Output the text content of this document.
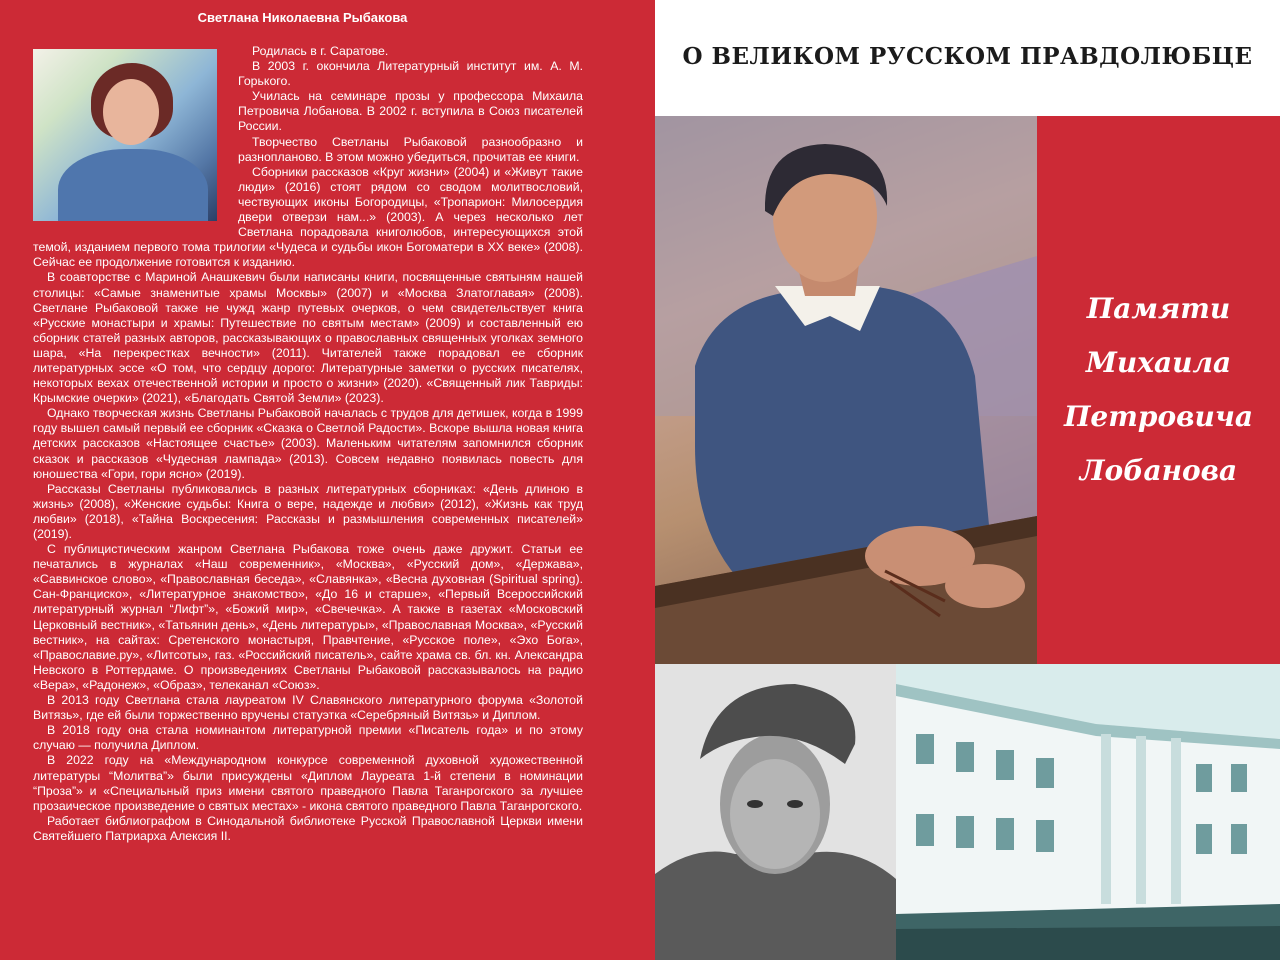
Светлана Николаевна Рыбакова

Родилась в г. Саратове.

В 2003 г. окончила Литературный институт им. А. М. Горького.

Училась на семинаре прозы у профессора Михаила Петровича Лобанова. В 2002 г. вступила в Союз писателей России.

Творчество Светланы Рыбаковой разнообразно и разнопланово. В этом можно убедиться, прочитав ее книги.

Сборники рассказов «Круг жизни» (2004) и «Живут такие люди» (2016) стоят рядом со сводом молитвословий, чествующих иконы Богородицы, «Тропарион: Милосердия двери отверзи нам...» (2003). А через несколько лет Светлана порадовала книголюбов, интересующихся этой темой, изданием первого тома трилогии «Чудеса и судьбы икон Богоматери в ХХ веке» (2008). Сейчас ее продолжение готовится к изданию.

В соавторстве с Мариной Анашкевич были написаны книги, посвященные святыням нашей столицы: «Самые знаменитые храмы Москвы» (2007) и «Москва Златоглавая» (2008). Светлане Рыбаковой также не чужд жанр путевых очерков, о чем свидетельствует книга «Русские монастыри и храмы: Путешествие по святым местам» (2009) и составленный ею сборник статей разных авторов, рассказывающих о православных священных уголках земного шара, «На перекрестках вечности» (2011). Читателей также порадовал ее сборник литературных эссе «О том, что сердцу дорого: Литературные заметки о русских писателях, некоторых вехах отечественной истории и просто о жизни» (2020). «Священный лик Тавриды: Крымские очерки» (2021), «Благодать Святой Земли» (2023).

Однако творческая жизнь Светланы Рыбаковой началась с трудов для детишек, когда в 1999 году вышел самый первый ее сборник «Сказка о Светлой Радости». Вскоре вышла новая книга детских рассказов «Настоящее счастье» (2003). Маленьким читателям запомнился сборник сказок и рассказов «Чудесная лампада» (2013). Совсем недавно появилась повесть для юношества «Гори, гори ясно» (2019).

Рассказы Светланы публиковались в разных литературных сборниках: «День длиною в жизнь» (2008), «Женские судьбы: Книга о вере, надежде и любви» (2012), «Жизнь как труд любви» (2018), «Тайна Воскресения: Рассказы и размышления современных писателей» (2019).

С публицистическим жанром Светлана Рыбакова тоже очень даже дружит. Статьи ее печатались в журналах «Наш современник», «Москва», «Русский дом», «Держава», «Саввинское слово», «Православная беседа», «Славянка», «Весна духовная (Spiritual spring). Сан-Франциско», «Литературное знакомство», «До 16 и старше», «Первый Всероссийский литературный журнал “Лифт”», «Божий мир», «Свечечка». А также в газетах «Московский Церковный вестник», «Татьянин день», «День литературы», «Православная Москва», «Русский вестник», на сайтах: Сретенского монастыря, Правчтение, «Русское поле», «Эхо Бога», «Православие.ру», «Литсоты», газ. «Российский писатель», сайте храма св. бл. кн. Александра Невского в Роттердаме. О произведениях Светланы Рыбаковой рассказывалось на радио «Вера», «Радонеж», «Образ», телеканал «Союз».

В 2013 году Светлана стала лауреатом IV Славянского литературного форума «Золотой Витязь», где ей были торжественно вручены статуэтка «Серебряный Витязь» и Диплом.

В 2018 году она стала номинантом литературной премии «Писатель года» и по этому случаю — получила Диплом.

В 2022 году на «Международном конкурсе современной духовной художественной литературы “Молитва”» были присуждены «Диплом Лауреата 1-й степени в номинации “Проза”» и «Специальный приз имени святого праведного Павла Таганрогского за лучшее прозаическое произведение о святых местах» - икона святого праведного Павла Таганрогского.

Работает библиографом в Синодальной библиотеке Русской Православной Церкви имени Святейшего Патриарха Алексия II.

О ВЕЛИКОМ РУССКОМ ПРАВДОЛЮБЦЕ
Памяти
Михаила
Петровича
Лобанова
